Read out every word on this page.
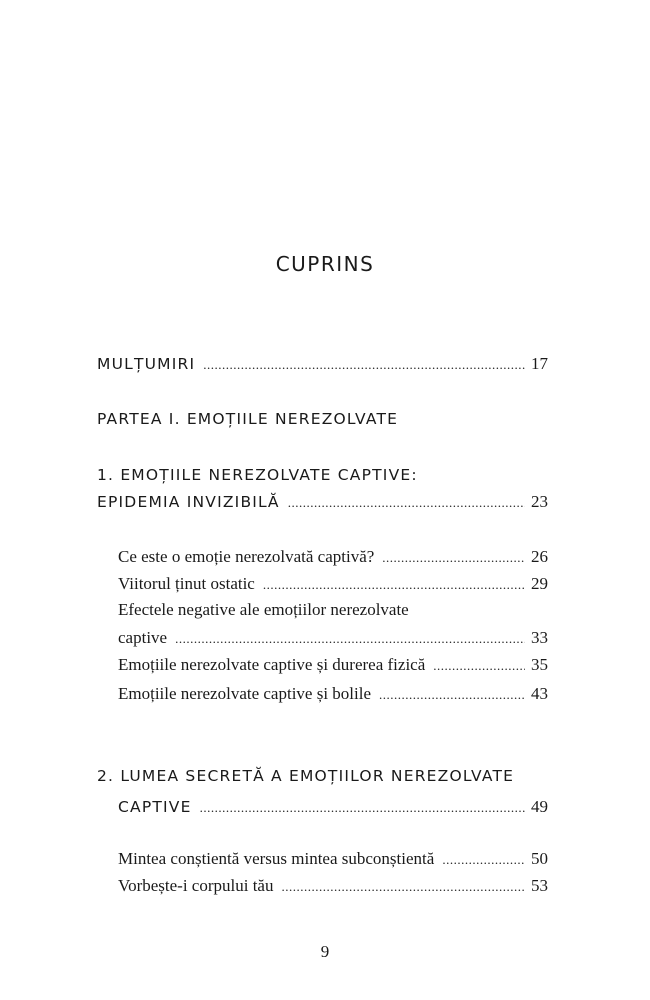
CUPRINS
MULȚUMIRI .....	17
PARTEA I. EMOȚIILE NEREZOLVATE
1. EMOȚIILE NEREZOLVATE CAPTIVE:
EPIDEMIA INVIZIBILĂ .....	23
Ce este o emoție nerezolvată captivă? .....	26
Viitorul ținut ostatic .....	29
Efectele negative ale emoțiilor nerezolvate
captive .....	33
Emoțiile nerezolvate captive și durerea fizică .....	35
Emoțiile nerezolvate captive și bolile .....	43
2. LUMEA SECRETĂ A EMOȚIILOR NEREZOLVATE
CAPTIVE .....	49
Mintea conștientă versus mintea subconștientă .....	50
Vorbește-i corpului tău .....	53
9
